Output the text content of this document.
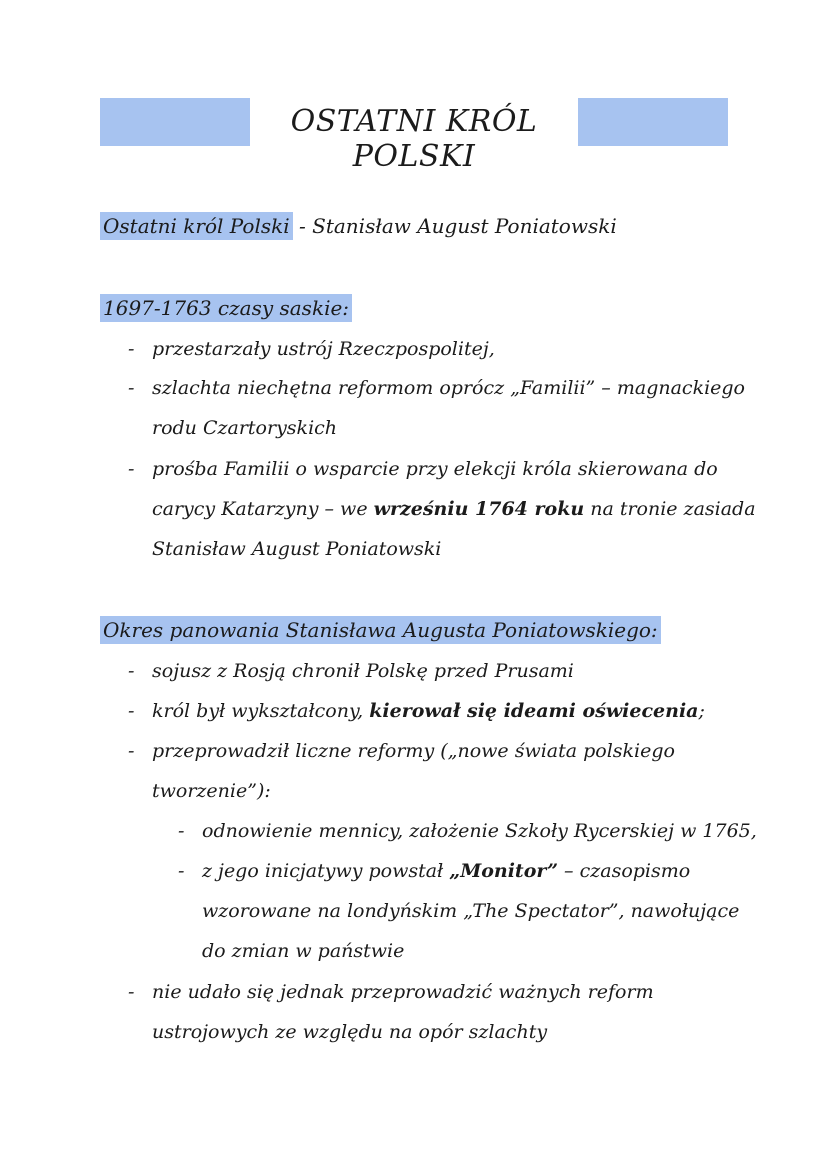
OSTATNI KRÓL POLSKI
Ostatni król Polski - Stanisław August Poniatowski
1697-1763 czasy saskie:
- przestarzały ustrój Rzeczpospolitej,
- szlachta niechętna reformom oprócz „Familii” – magnackiego
rodu Czartoryskich
- prośba Familii o wsparcie przy elekcji króla skierowana do
carycy Katarzyny – we wrześniu 1764 roku na tronie zasiada
Stanisław August Poniatowski
Okres panowania Stanisława Augusta Poniatowskiego:
- sojusz z Rosją chronił Polskę przed Prusami
- król był wykształcony, kierował się ideami oświecenia;
- przeprowadził liczne reformy („nowe świata polskiego
tworzenie”):
- odnowienie mennicy, założenie Szkoły Rycerskiej w 1765,
- z jego inicjatywy powstał „Monitor” – czasopismo
wzorowane na londyńskim „The Spectator”, nawołujące
do zmian w państwie
- nie udało się jednak przeprowadzić ważnych reform
ustrojowych ze względu na opór szlachty
